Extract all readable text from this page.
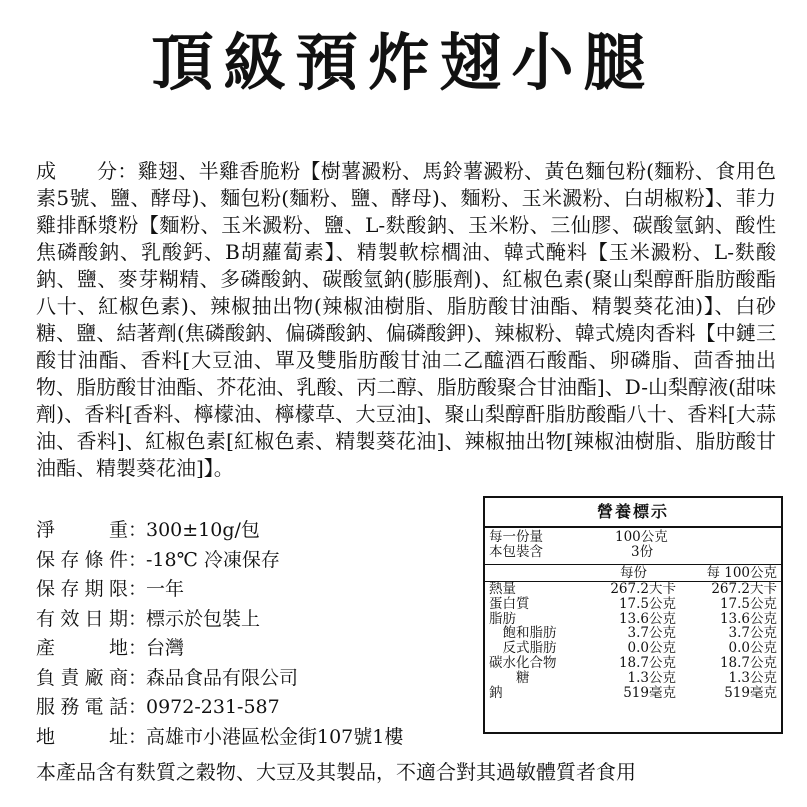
頂級預炸翅小腿
成　　分：雞翅、半雞香脆粉【樹薯澱粉、馬鈴薯澱粉、黃色麵包粉(麵粉、食用色素5號、鹽、酵母)、麵包粉(麵粉、鹽、酵母)、麵粉、玉米澱粉、白胡椒粉】、菲力雞排酥漿粉【麵粉、玉米澱粉、鹽、L-麩酸鈉、玉米粉、三仙膠、碳酸氫鈉、酸性焦磷酸鈉、乳酸鈣、B胡蘿蔔素】、精製軟棕櫚油、韓式醃料【玉米澱粉、L-麩酸鈉、鹽、麥芽糊精、多磷酸鈉、碳酸氫鈉(膨脹劑)、紅椒色素(聚山梨醇酐脂肪酸酯八十、紅椒色素)、辣椒抽出物(辣椒油樹脂、脂肪酸甘油酯、精製葵花油)】、白砂糖、鹽、結著劑(焦磷酸鈉、偏磷酸鈉、偏磷酸鉀)、辣椒粉、韓式燒肉香料【中鏈三酸甘油酯、香料[大豆油、單及雙脂肪酸甘油二乙醯酒石酸酯、卵磷脂、茴香抽出物、脂肪酸甘油酯、芥花油、乳酸、丙二醇、脂肪酸聚合甘油酯]、D-山梨醇液(甜味劑)、香料[香料、檸檬油、檸檬草、大豆油]、聚山梨醇酐脂肪酸酯八十、香料[大蒜油、香料]、紅椒色素[紅椒色素、精製葵花油]、辣椒抽出物[辣椒油樹脂、脂肪酸甘油酯、精製葵花油]】。
淨重：300±10g/包
保存條件：-18℃ 冷凍保存
保存期限：一年
有效日期：標示於包裝上
產地：台灣
負責廠商：森品食品有限公司
服務電話：0972-231-587
地址：高雄市小港區松金街107號1樓
營養標示
每一份量	100公克
本包裝含	3份
每份	每 100公克
熱量	267.2大卡	267.2大卡
蛋白質	17.5公克	17.5公克
脂肪	13.6公克	13.6公克
　飽和脂肪	3.7公克	3.7公克
　反式脂肪	0.0公克	0.0公克
碳水化合物	18.7公克	18.7公克
　　糖	1.3公克	1.3公克
鈉	519毫克	519毫克
本產品含有麩質之穀物、大豆及其製品，不適合對其過敏體質者食用
